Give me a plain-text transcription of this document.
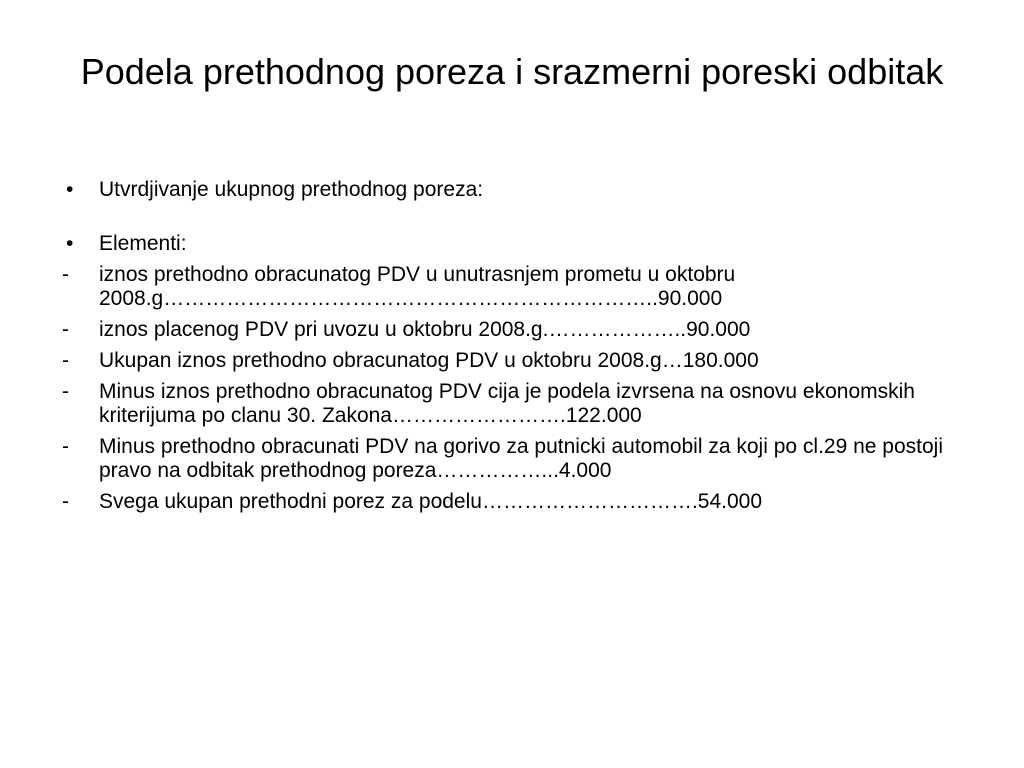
Podela prethodnog poreza i srazmerni poreski odbitak
•	Utvrdjivanje ukupnog prethodnog poreza:
•	Elementi:
-	iznos prethodno obracunatog PDV u unutrasnjem prometu u oktobru 2008.g……………………………………………………………..90.000
-	iznos placenog PDV pri uvozu u oktobru 2008.g.………………..90.000
-	Ukupan iznos prethodno obracunatog PDV u oktobru 2008.g…180.000
-	Minus iznos prethodno obracunatog PDV cija je podela izvrsena na osnovu ekonomskih kriterijuma po clanu 30. Zakona…………………….122.000
-	Minus prethodno obracunati PDV na gorivo za putnicki automobil za koji po cl.29 ne postoji pravo na odbitak prethodnog poreza……………...4.000
-	Svega ukupan prethodni porez za podelu………………………….54.000
